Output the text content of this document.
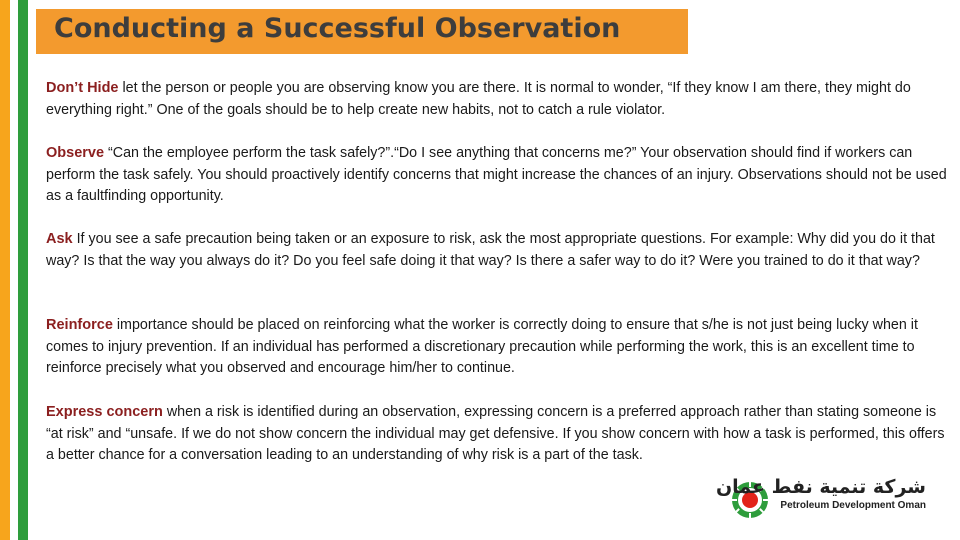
Conducting a Successful Observation
Don’t Hide let the person or people you are observing know you are there. It is normal to wonder, “If they know I am there, they might do everything right.” One of the goals should be to help create new habits, not to catch a rule violator.
Observe “Can the employee perform the task safely?”.“Do I see anything that concerns me?” Your observation should find if workers can perform the task safely. You should proactively identify concerns that might increase the chances of an injury. Observations should not be used as a faultfinding opportunity.
Ask If you see a safe precaution being taken or an exposure to risk, ask the most appropriate questions. For example: Why did you do it that way? Is that the way you always do it? Do you feel safe doing it that way? Is there a safer way to do it? Were you trained to do it that way?
Reinforce importance should be placed on reinforcing what the worker is correctly doing to ensure that s/he is not just being lucky when it comes to injury prevention. If an individual has performed a discretionary precaution while performing the work, this is an excellent time to reinforce precisely what you observed and encourage him/her to continue.
Express concern when a risk is identified during an observation, expressing concern is a preferred approach rather than stating someone is “at risk” and “unsafe. If we do not show concern the individual may get defensive. If you show concern with how a task is performed, this offers a better chance for a conversation leading to an understanding of why risk is a part of the task.
شركة تنمية نفط عمان
Petroleum Development Oman
